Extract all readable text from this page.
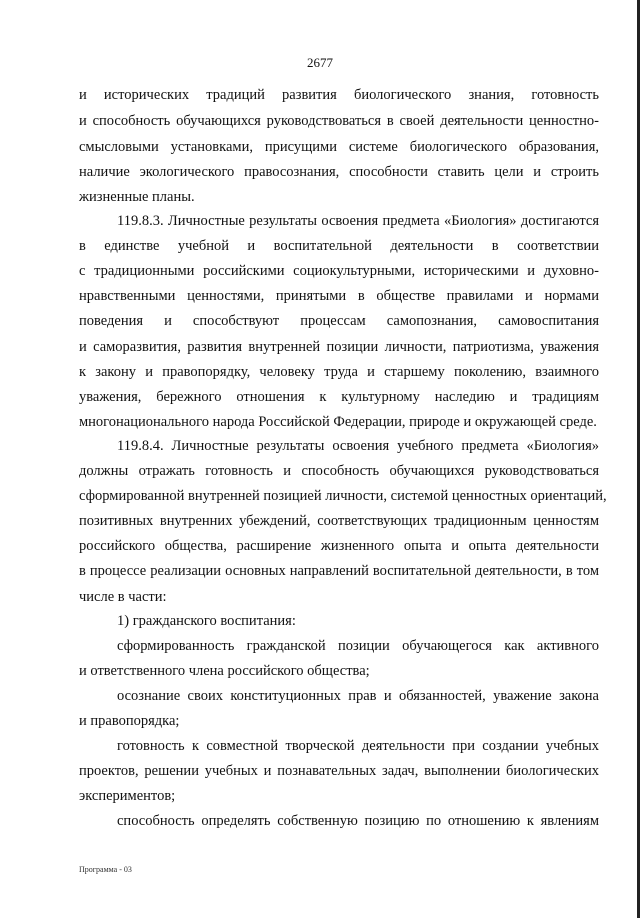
2677
и исторических традиций развития биологического знания, готовность
и способность обучающихся руководствоваться в своей деятельности ценностно-
смысловыми установками, присущими системе биологического образования,
наличие экологического правосознания, способности ставить цели и строить
жизненные планы.
119.8.3. Личностные результаты освоения предмета «Биология» достигаются
в единстве учебной и воспитательной деятельности в соответствии
с традиционными российскими социокультурными, историческими и духовно-
нравственными ценностями, принятыми в обществе правилами и нормами
поведения и способствуют процессам самопознания, самовоспитания
и саморазвития, развития внутренней позиции личности, патриотизма, уважения
к закону и правопорядку, человеку труда и старшему поколению, взаимного
уважения, бережного отношения к культурному наследию и традициям
многонационального народа Российской Федерации, природе и окружающей среде.
119.8.4. Личностные результаты освоения учебного предмета «Биология»
должны отражать готовность и способность обучающихся руководствоваться
сформированной внутренней позицией личности, системой ценностных ориентаций,
позитивных внутренних убеждений, соответствующих традиционным ценностям
российского общества, расширение жизненного опыта и опыта деятельности
в процессе реализации основных направлений воспитательной деятельности, в том
числе в части:
1) гражданского воспитания:
сформированность гражданской позиции обучающегося как активного
и ответственного члена российского общества;
осознание своих конституционных прав и обязанностей, уважение закона
и правопорядка;
готовность к совместной творческой деятельности при создании учебных
проектов, решении учебных и познавательных задач, выполнении биологических
экспериментов;
способность определять собственную позицию по отношению к явлениям
Программа - 03
